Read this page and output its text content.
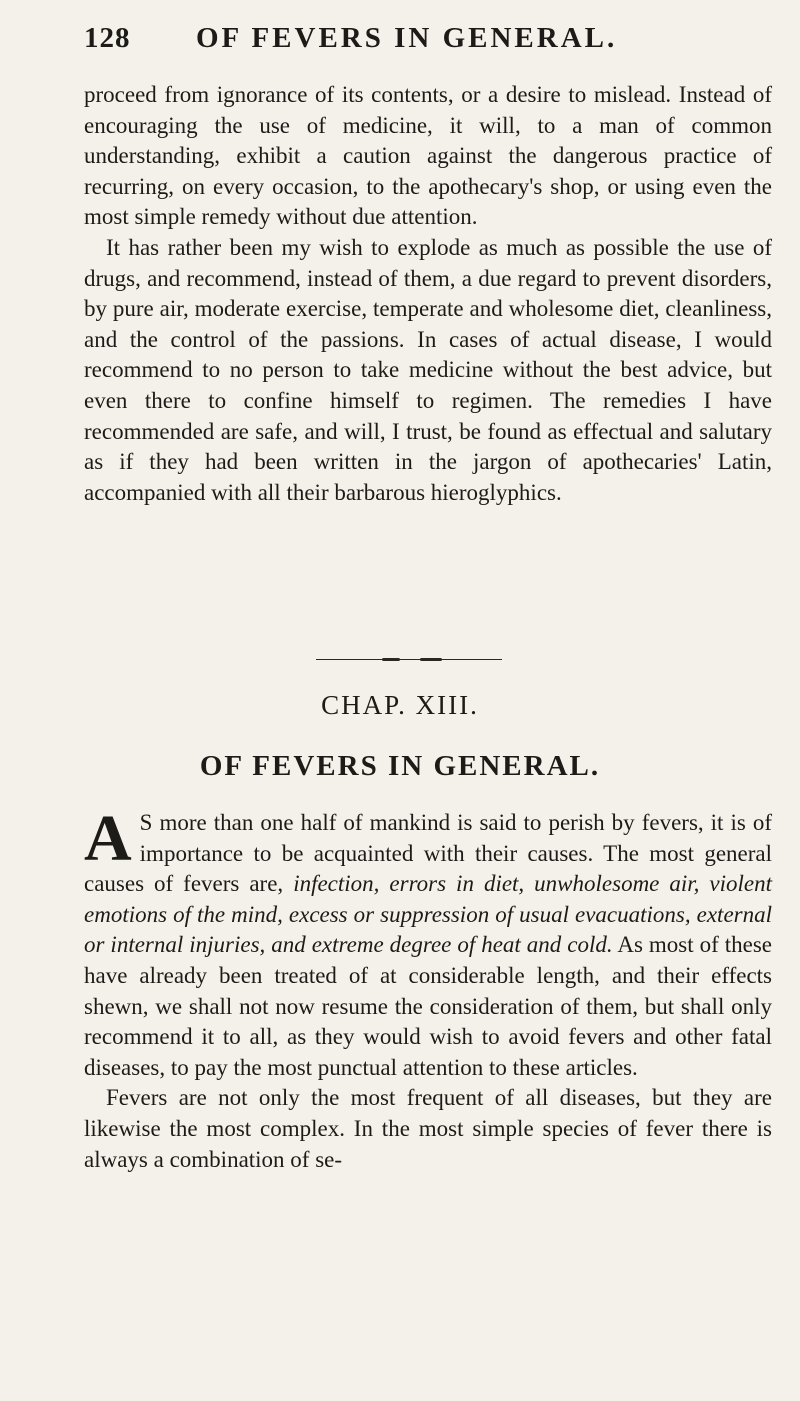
128 OF FEVERS IN GENERAL.

proceed from ignorance of its contents, or a desire to mislead. Instead of encouraging the use of medicine, it will, to a man of common understanding, exhibit a caution against the dangerous practice of recurring, on every occasion, to the apothecary's shop, or using even the most simple remedy without due attention.

It has rather been my wish to explode as much as possible the use of drugs, and recommend, instead of them, a due regard to prevent disorders, by pure air, moderate exercise, temperate and wholesome diet, cleanliness, and the control of the passions. In cases of actual disease, I would recommend to no person to take medicine without the best advice, but even there to confine himself to regimen. The remedies I have recommended are safe, and will, I trust, be found as effectual and salutary as if they had been written in the jargon of apothecaries' Latin, accompanied with all their barbarous hieroglyphics.

CHAP. XIII.
OF FEVERS IN GENERAL.

A S more than one half of mankind is said to perish by fevers, it is of importance to be acquainted with their causes. The most general causes of fevers are, infection, errors in diet, unwholesome air, violent emotions of the mind, excess or suppression of usual evacuations, external or internal injuries, and extreme degree of heat and cold. As most of these have already been treated of at considerable length, and their effects shewn, we shall not now resume the consideration of them, but shall only recommend it to all, as they would wish to avoid fevers and other fatal diseases, to pay the most punctual attention to these articles.

Fevers are not only the most frequent of all diseases, but they are likewise the most complex. In the most simple species of fever there is always a combination of se-
